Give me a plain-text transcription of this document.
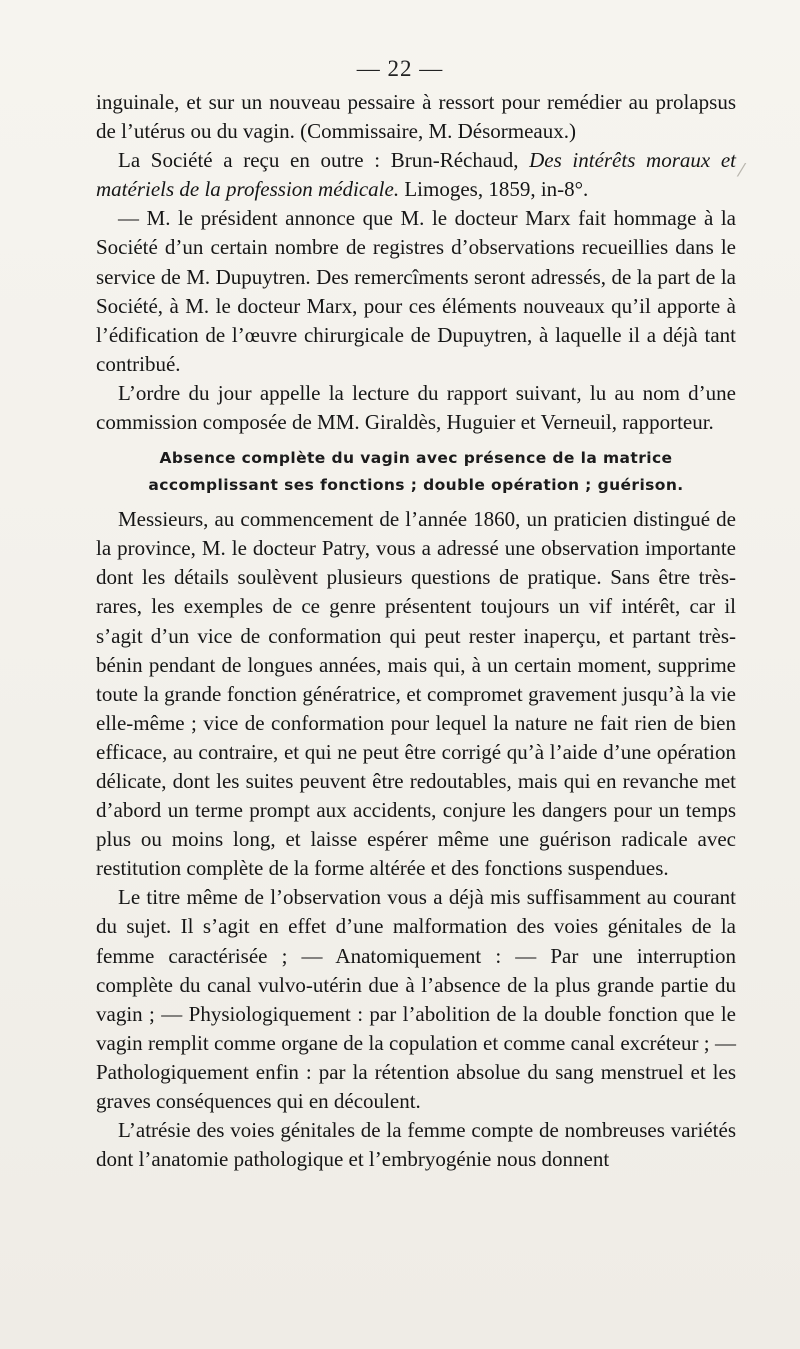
— 22 —

inguinale, et sur un nouveau pessaire à ressort pour remédier au prolapsus de l’utérus ou du vagin. (Commissaire, M. Désormeaux.)

La Société a reçu en outre : Brun-Réchaud, Des intérêts moraux et matériels de la profession médicale. Limoges, 1859, in-8°.

— M. le président annonce que M. le docteur Marx fait hommage à la Société d’un certain nombre de registres d’observations recueillies dans le service de M. Dupuytren. Des remercîments seront adressés, de la part de la Société, à M. le docteur Marx, pour ces éléments nouveaux qu’il apporte à l’édification de l’œuvre chirurgicale de Dupuytren, à laquelle il a déjà tant contribué.

L’ordre du jour appelle la lecture du rapport suivant, lu au nom d’une commission composée de MM. Giraldès, Huguier et Verneuil, rapporteur.

Absence complète du vagin avec présence de la matrice
accomplissant ses fonctions ; double opération ; guérison.

Messieurs, au commencement de l’année 1860, un praticien distingué de la province, M. le docteur Patry, vous a adressé une observation importante dont les détails soulèvent plusieurs questions de pratique. Sans être très-rares, les exemples de ce genre présentent toujours un vif intérêt, car il s’agit d’un vice de conformation qui peut rester inaperçu, et partant très-bénin pendant de longues années, mais qui, à un certain moment, supprime toute la grande fonction génératrice, et compromet gravement jusqu’à la vie elle-même ; vice de conformation pour lequel la nature ne fait rien de bien efficace, au contraire, et qui ne peut être corrigé qu’à l’aide d’une opération délicate, dont les suites peuvent être redoutables, mais qui en revanche met d’abord un terme prompt aux accidents, conjure les dangers pour un temps plus ou moins long, et laisse espérer même une guérison radicale avec restitution complète de la forme altérée et des fonctions suspendues.

Le titre même de l’observation vous a déjà mis suffisamment au courant du sujet. Il s’agit en effet d’une malformation des voies génitales de la femme caractérisée ; — Anatomiquement : — Par une interruption complète du canal vulvo-utérin due à l’absence de la plus grande partie du vagin ; — Physiologiquement : par l’abolition de la double fonction que le vagin remplit comme organe de la copulation et comme canal excréteur ; — Pathologiquement enfin : par la rétention absolue du sang menstruel et les graves conséquences qui en découlent.

L’atrésie des voies génitales de la femme compte de nombreuses variétés dont l’anatomie pathologique et l’embryogénie nous donnent

⁄
